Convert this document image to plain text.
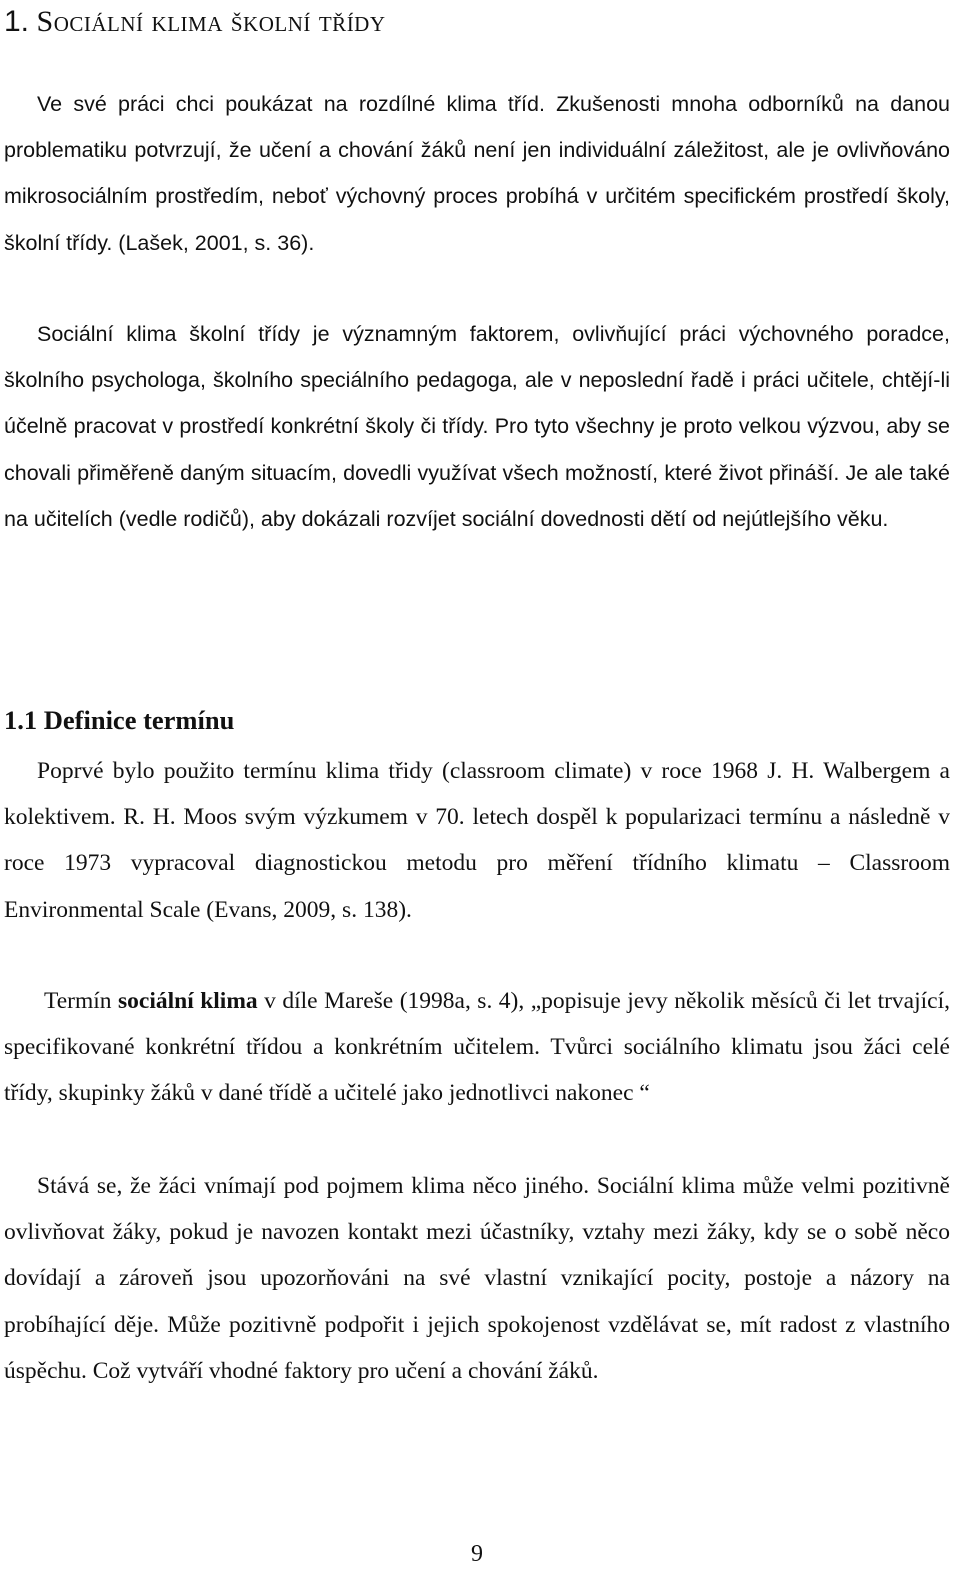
1. Sociální klima školní třídy

Ve své práci chci poukázat na rozdílné klima tříd. Zkušenosti mnoha odborníků na danou problematiku potvrzují, že učení a chování žáků není jen individuální záležitost, ale je ovlivňováno mikrosociálním prostředím, neboť výchovný proces probíhá v určitém specifickém prostředí školy, školní třídy. (Lašek, 2001, s. 36).

Sociální klima školní třídy je významným faktorem, ovlivňující práci výchovného poradce, školního psychologa, školního speciálního pedagoga, ale v neposlední řadě i práci učitele, chtějí-li účelně pracovat v prostředí konkrétní školy či třídy. Pro tyto všechny je proto velkou výzvou, aby se chovali přiměřeně daným situacím, dovedli využívat všech možností, které život přináší. Je ale také na učitelích (vedle rodičů), aby dokázali rozvíjet sociální dovednosti dětí od nejútlejšího věku.

1.1 Definice termínu

Poprvé bylo použito termínu klima třidy (classroom climate) v roce 1968 J. H. Walbergem a kolektivem. R. H. Moos svým výzkumem v 70. letech dospěl k popularizaci termínu a následně v roce 1973 vypracoval diagnostickou metodu pro měření třídního klimatu – Classroom Environmental Scale (Evans, 2009, s. 138).

Termín sociální klima v díle Mareše (1998a, s. 4), „popisuje jevy několik měsíců či let trvající, specifikované konkrétní třídou a konkrétním učitelem. Tvůrci sociálního klimatu jsou žáci celé třídy, skupinky žáků v dané třídě a učitelé jako jednotlivci nakonec “

Stává se, že žáci vnímají pod pojmem klima něco jiného. Sociální klima může velmi pozitivně ovlivňovat žáky, pokud je navozen kontakt mezi účastníky, vztahy mezi žáky, kdy se o sobě něco dovídají a zároveň jsou upozorňováni na své vlastní vznikající pocity, postoje a názory na probíhající děje. Může pozitivně podpořit i jejich spokojenost vzdělávat se, mít radost z vlastního úspěchu. Což vytváří vhodné faktory pro učení a chování žáků.

9
